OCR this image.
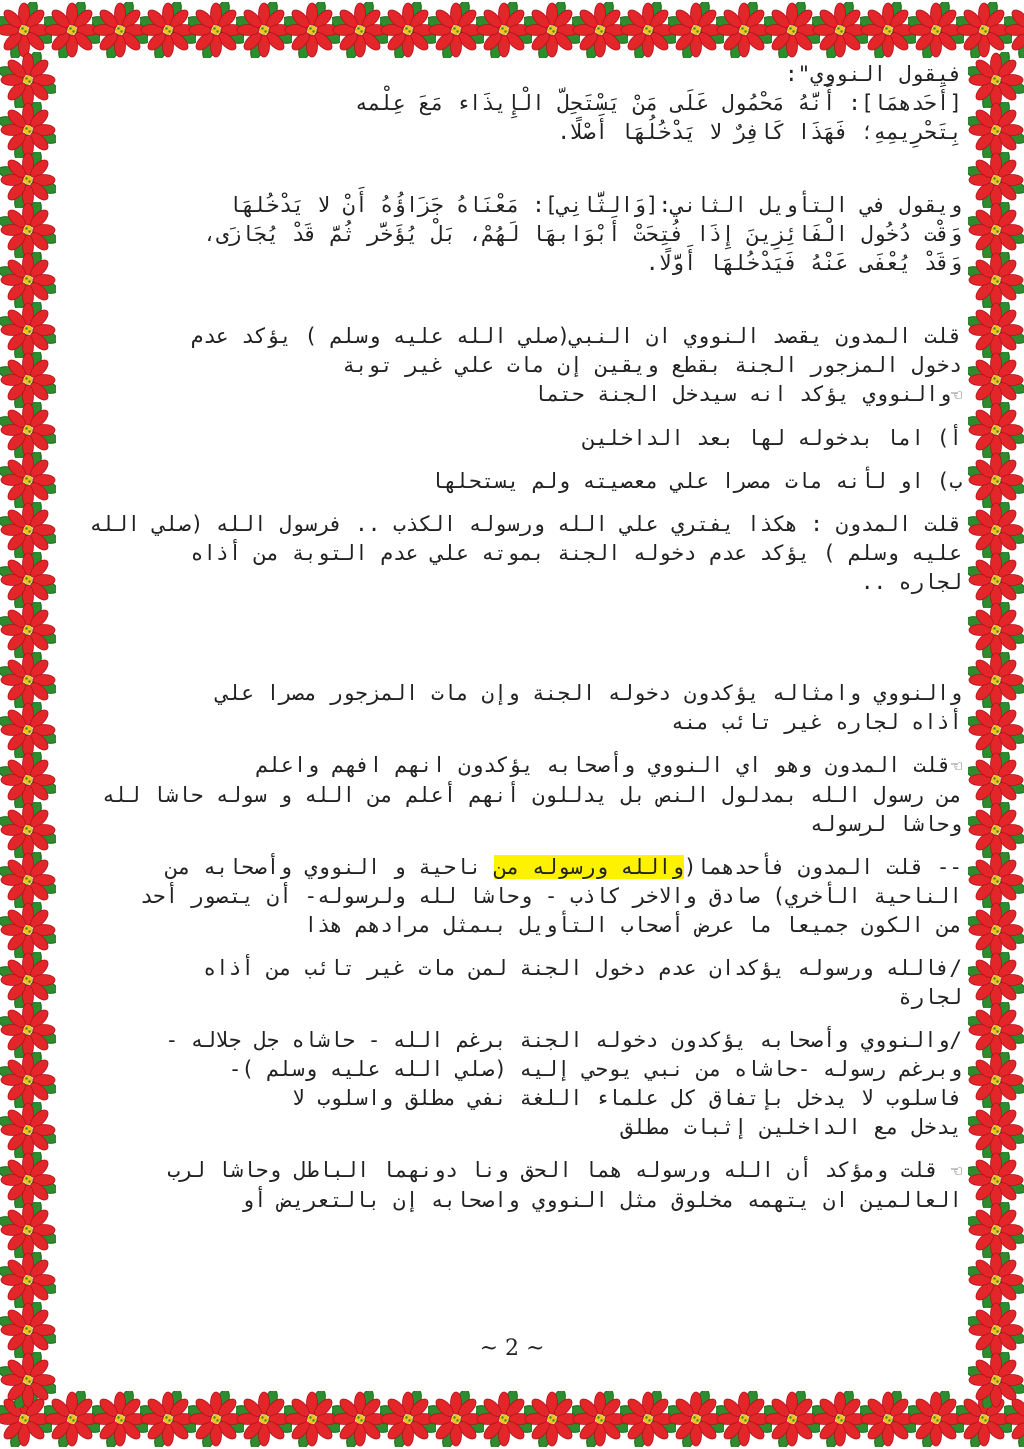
فيقول النووي":
[أَحَدهمَا]: أَنَّهُ مَحْمُول عَلَى مَنْ يَسْتَحِلّ الْإِيذَاء مَعَ عِلْمه
بِتَحْرِيمِهِ؛ فَهَذَا كَافِرٌ لا يَدْخُلُهَا أَصْلًا.
ويقول في التأويل الثاني:[وَالثَّانِي]: مَعْنَاهُ جَزَاؤُهُ أَنْ لا يَدْخُلهَا
وَقْت دُخُول الْفَائِزِينَ إِذَا فُتِحَتْ أَبْوَابهَا لَهُمْ، بَلْ يُؤَخَّر ثُمَّ قَدْ يُجَازَى،
وَقَدْ يُعْفَى عَنْهُ فَيَدْخُلهَا أَوَّلًا.
قلت المدون يقصد النووي ان النبي(صلي الله عليه وسلم ) يؤكد عدم
دخول المزجور الجنة بقطع ويقين إن مات علي غير توبة
☜والنووي يؤكد انه سيدخل الجنة حتما
أ) اما بدخوله لها بعد الداخلين
ب) او لأنه مات مصرا علي معصيته ولم يستحلها
قلت المدون : هكذا يفتري علي الله ورسوله الكذب .. فرسول الله (صلي الله
عليه وسلم ) يؤكد عدم دخوله الجنة بموته علي عدم التوبة من أذاه
لجاره ..
والنووي وامثاله يؤكدون دخوله الجنة وإن مات المزجور مصرا علي
أذاه لجاره غير تائب منه
☜قلت المدون وهو اي النووي وأصحابه يؤكدون انهم افهم واعلم
من رسول الله بمدلول النص بل يدللون أنهم أعلم من الله و سوله حاشا لله
وحاشا لرسوله
-- قلت المدون فأحدهما(والله ورسوله من ناحية و النووي وأصحابه من
الناحية الأخري) صادق والاخر كاذب - وحاشا لله ولرسوله- أن يتصور أحد
من الكون جميعا ما عرض أصحاب التأويل بىمثل مرادهم هذا
/فالله ورسوله يؤكدان عدم دخول الجنة لمن مات غير تائب من أذاه
لجارة
/والنووي وأصحابه يؤكدون دخوله الجنة برغم الله - حاشاه جل جلاله -
وبرغم رسوله -حاشاه من نبي يوحي إليه (صلي الله عليه وسلم )-
فاسلوب لا يدخل بإتفاق كل علماء اللغة نفي مطلق واسلوب لا
يدخل مع الداخلين إثبات مطلق
☜ قلت ومؤكد أن الله ورسوله هما الحق ونا دونهما الباطل وحاشا لرب
العالمين ان يتهمه مخلوق مثل النووي واصحابه إن بالتعريض أو
~ 2 ~
